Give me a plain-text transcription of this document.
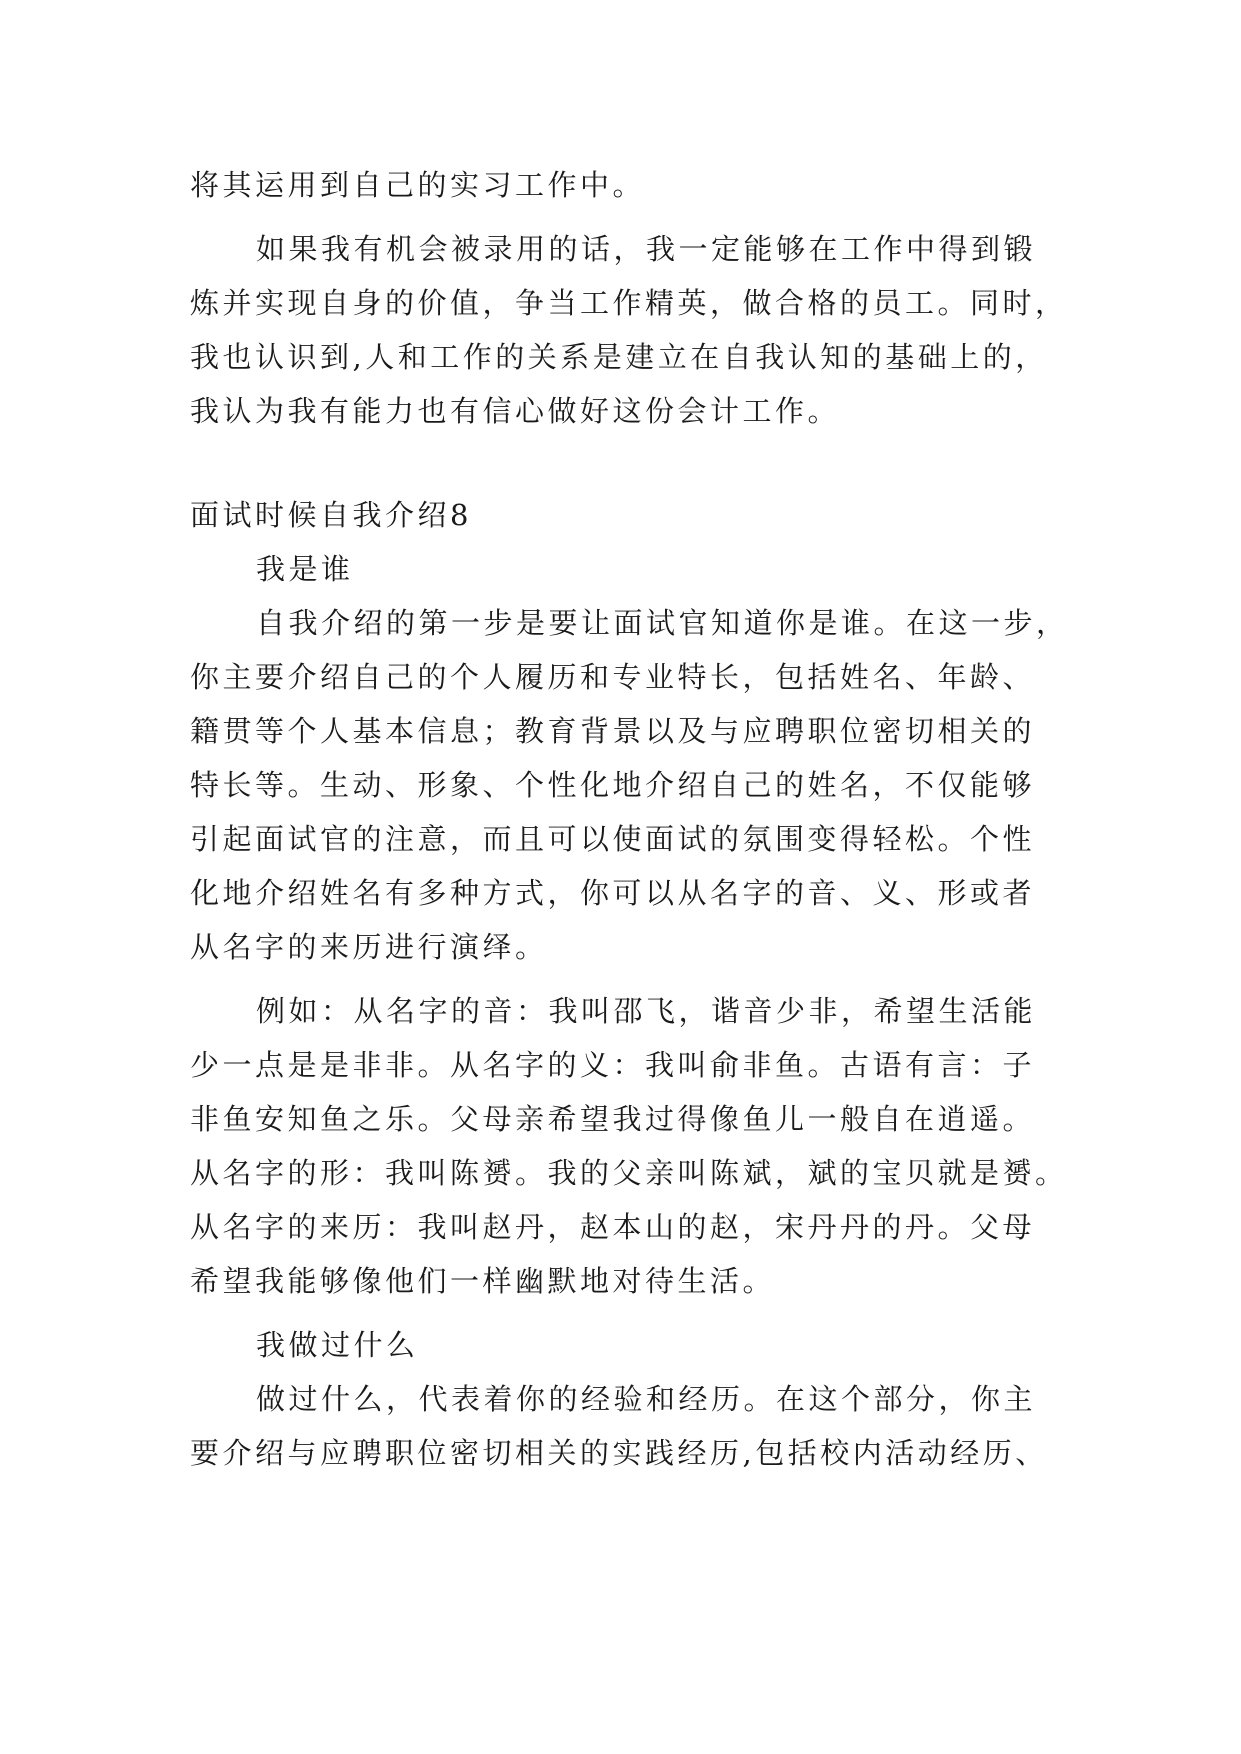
将其运用到自己的实习工作中。
如果我有机会被录用的话，我一定能够在工作中得到锻
炼并实现自身的价值，争当工作精英，做合格的员工。同时，
我也认识到,人和工作的关系是建立在自我认知的基础上的，
我认为我有能力也有信心做好这份会计工作。
面试时候自我介绍8
我是谁
自我介绍的第一步是要让面试官知道你是谁。在这一步，
你主要介绍自己的个人履历和专业特长，包括姓名、年龄、
籍贯等个人基本信息；教育背景以及与应聘职位密切相关的
特长等。生动、形象、个性化地介绍自己的姓名，不仅能够
引起面试官的注意，而且可以使面试的氛围变得轻松。个性
化地介绍姓名有多种方式，你可以从名字的音、义、形或者
从名字的来历进行演绎。
例如：从名字的音：我叫邵飞，谐音少非，希望生活能
少一点是是非非。从名字的义：我叫俞非鱼。古语有言：子
非鱼安知鱼之乐。父母亲希望我过得像鱼儿一般自在逍遥。
从名字的形：我叫陈赟。我的父亲叫陈斌，斌的宝贝就是赟。
从名字的来历：我叫赵丹，赵本山的赵，宋丹丹的丹。父母
希望我能够像他们一样幽默地对待生活。
我做过什么
做过什么，代表着你的经验和经历。在这个部分，你主
要介绍与应聘职位密切相关的实践经历,包括校内活动经历、
